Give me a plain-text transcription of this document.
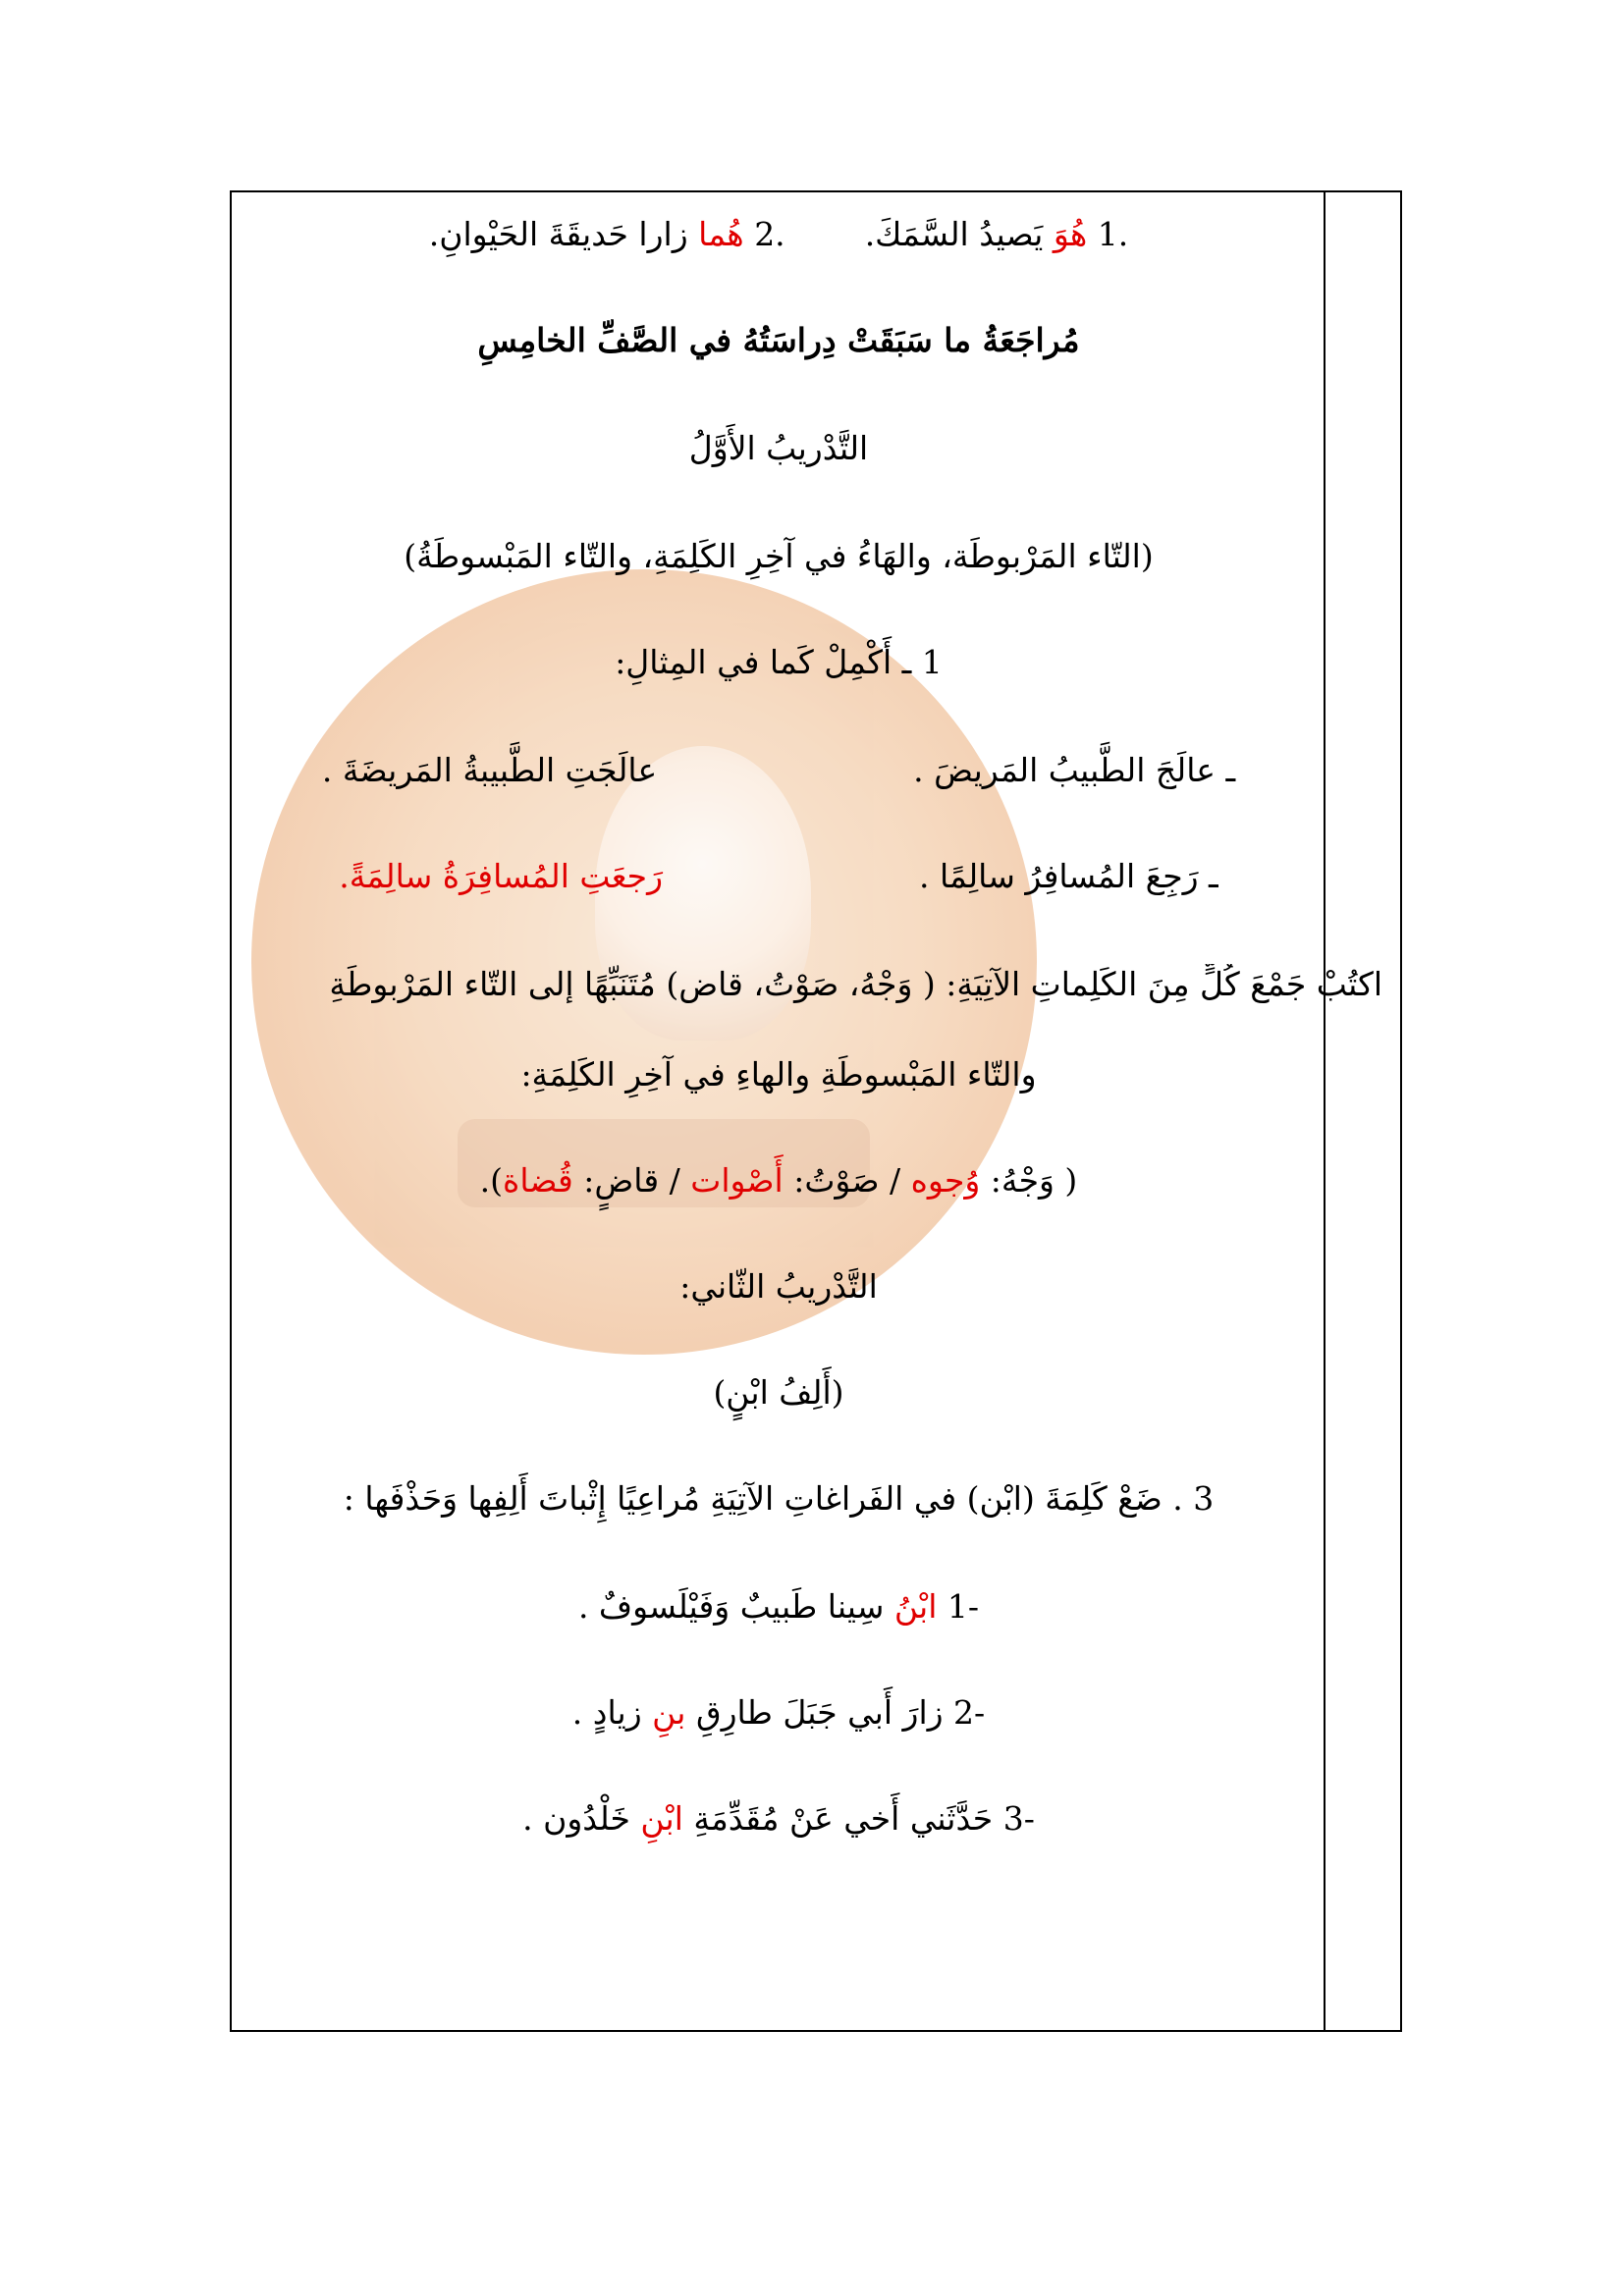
1. هُوَ يَصيدُ السَّمَكَ.  2. هُما زارا حَديقَةَ الحَيْوانِ.
مُراجَعَةُ ما سَبَقَتْ دِراسَتُهُ في الصَّفِّ الخامِسِ
التَّدْريبُ الأَوَّلُ
(التّاء المَرْبوطَة، والهَاءُ في آخِرِ الكَلِمَةِ، والتّاء المَبْسوطَةُ)
1 ـ أَكْمِلْ كَما في المِثالِ:
ـ عالَجَ الطَّبيبُ المَريضَ .  عالَجَتِ الطَّبيبةُ المَريضَةَ .
ـ رَجِعَ المُسافِرُ سالِمًا .  رَجعَتِ المُسافِرَةُ سالِمَةً.
اكتُبْ جَمْعَ كُلٍّ مِنَ الكَلِماتِ الآتِيَةِ: ( وَجْهُ، صَوْتُ، قاضٍ) مُتَنَبِّهًا إِلى التّاء المَرْبوطَةِ
والتّاء المَبْسوطَةِ والهاءِ في آخِرِ الكَلِمَةِ:
( وَجْهُ: وُجوه / صَوْتُ: أَصْوات / قاضٍ: قُضاة).
التَّدْريبُ الثّاني:
(أَلِفُ ابْنٍ)
3 . ضَعْ كَلِمَةَ (ابْن) في الفَراغاتِ الآتِيَةِ مُراعِيًا إِثْباتَ أَلِفِها وَحَذْفَها :
1- ابْنُ سِينا طَبيبٌ وَفَيْلَسوفٌ .
2- زارَ أَبي جَبَلَ طارِقِ بنِ زيادٍ .
3- حَدَّثَني أَخي عَنْ مُقَدِّمَةِ ابْنِ خَلْدُون .
